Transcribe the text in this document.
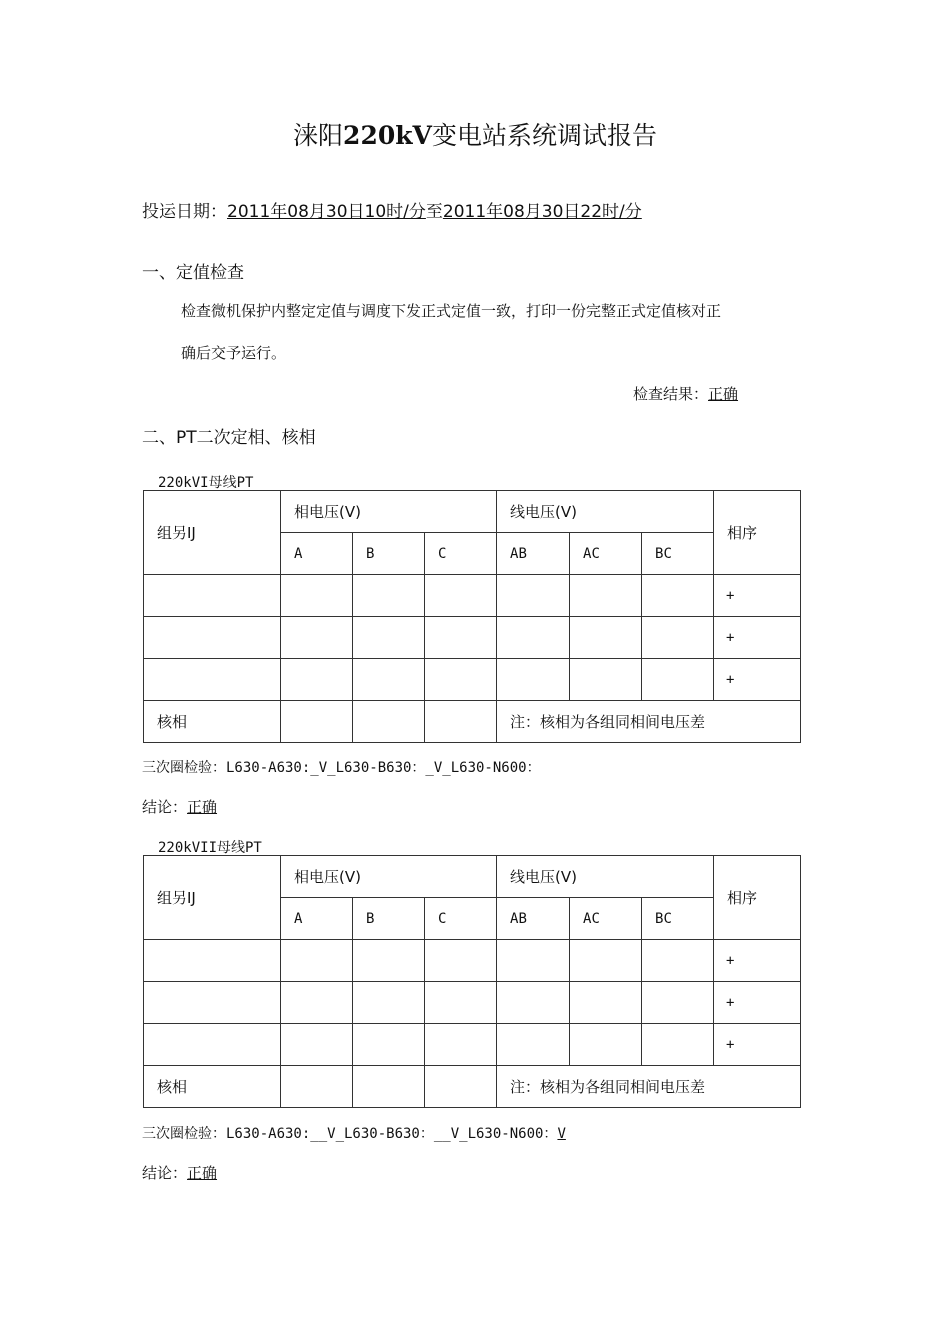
涞阳220kV变电站系统调试报告
投运日期：2011年08月30日10时/分至2011年08月30日22时/分
一、定值检查
检查微机保护内整定定值与调度下发正式定值一致，打印一份完整正式定值核对正
确后交予运行。
检查结果：正确
二、PT二次定相、核相
220kVI母线PT
组另IJ	相电压(V)			线电压(V)			相序
	A	B	C	AB	AC	BC	
							+
							+
							+
核相				注：核相为各组同相间电压差			
三次圈检验：L630-A630:_V_L630-B630：_V_L630-N600：
结论：正确
220kVII母线PT
组另IJ	相电压(V)			线电压(V)			相序
	A	B	C	AB	AC	BC	
							+
							+
							+
核相				注：核相为各组同相间电压差			
三次圈检验：L630-A630:__V_L630-B630：__V_L630-N600：V
结论：正确
